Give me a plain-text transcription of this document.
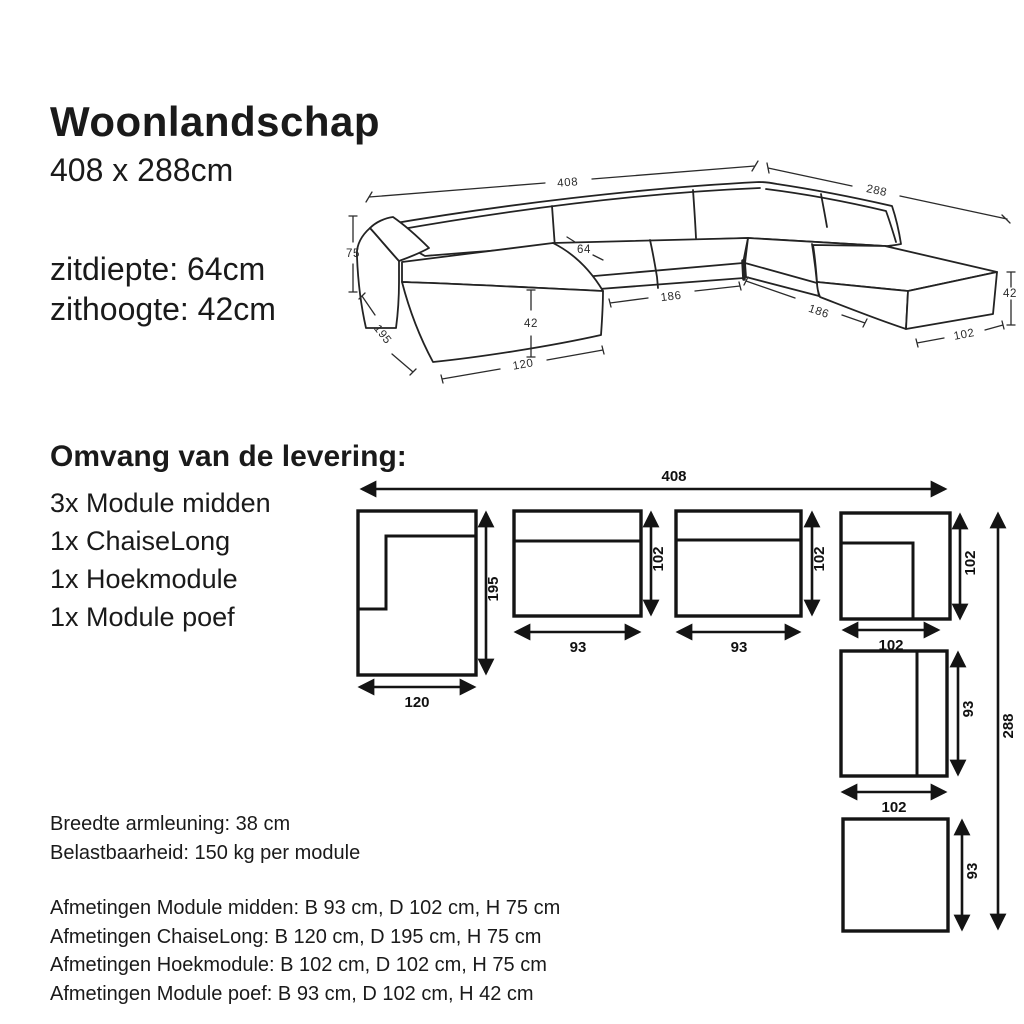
Woonlandschap
408 x 288cm
zitdiepte: 64cm
zithoogte: 42cm
408
288
75
195
120
42
64
186
186
42
102
Omvang van de levering:
3x Module midden
1x ChaiseLong
1x Hoekmodule
1x Module poef
408
195
120
93
102
93
102	102
102
93
102
93
288
Breedte armleuning: 38 cm
Belastbaarheid: 150 kg per module
Afmetingen Module midden: B 93 cm, D 102 cm, H 75 cm
Afmetingen ChaiseLong: B 120 cm, D 195 cm, H 75 cm
Afmetingen Hoekmodule: B 102 cm, D 102 cm, H 75 cm
Afmetingen Module poef: B 93 cm, D 102 cm, H 42 cm
